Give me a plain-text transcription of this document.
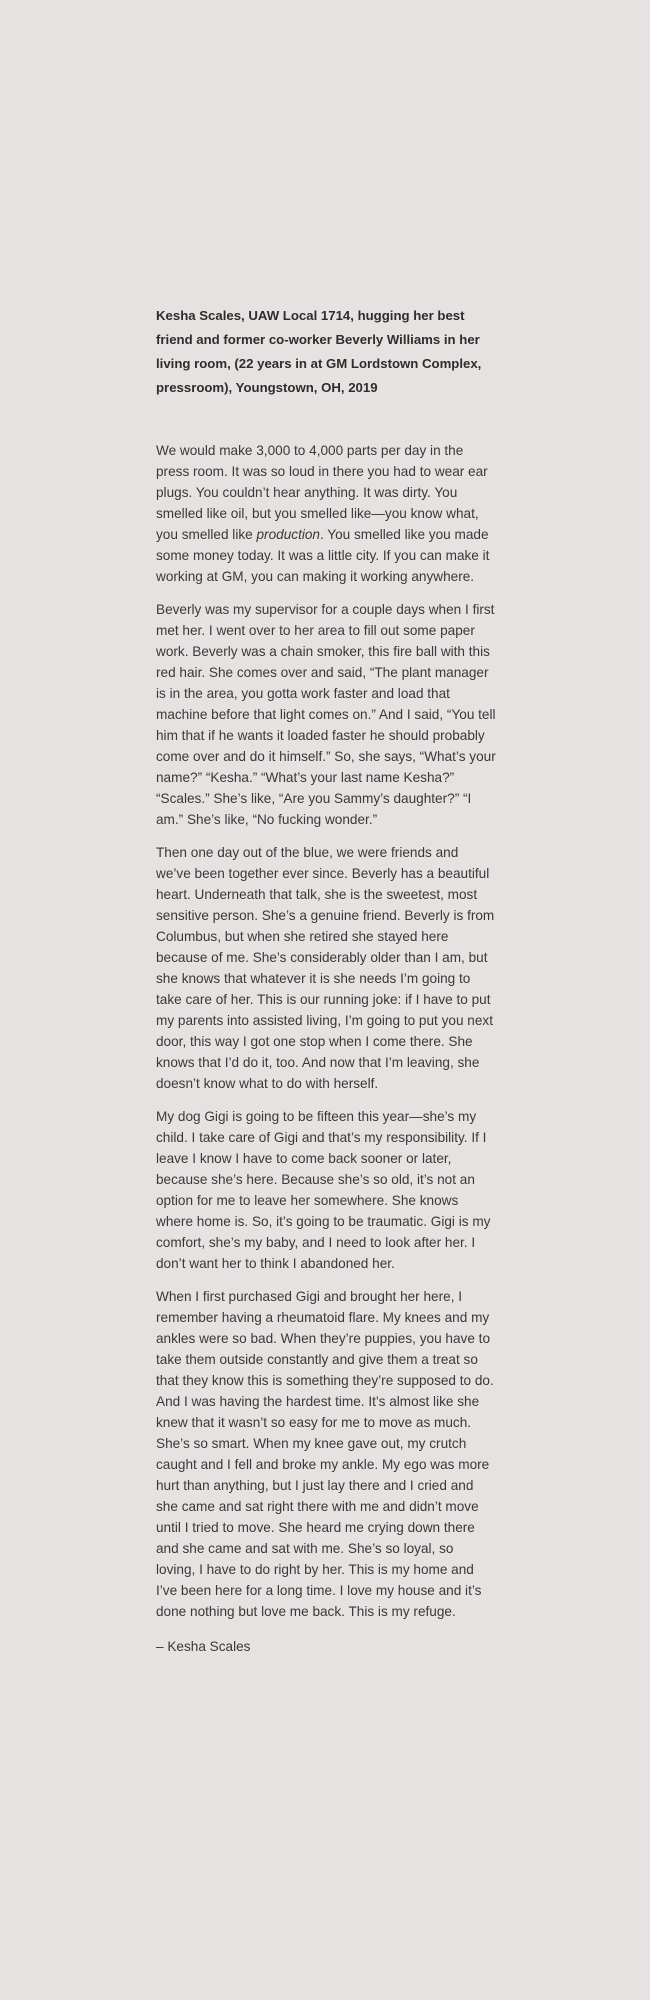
Kesha Scales, UAW Local 1714, hugging her best friend and former co-worker Beverly Williams in her living room, (22 years in at GM Lordstown Complex, pressroom), Youngstown, OH, 2019

We would make 3,000 to 4,000 parts per day in the press room. It was so loud in there you had to wear ear plugs. You couldn’t hear anything. It was dirty. You smelled like oil, but you smelled like—you know what, you smelled like production. You smelled like you made some money today. It was a little city. If you can make it working at GM, you can making it working anywhere.

Beverly was my supervisor for a couple days when I first met her. I went over to her area to fill out some paper work. Beverly was a chain smoker, this fire ball with this red hair. She comes over and said, “The plant manager is in the area, you gotta work faster and load that machine before that light comes on.” And I said, “You tell him that if he wants it loaded faster he should probably come over and do it himself.” So, she says, “What’s your name?” “Kesha.” “What’s your last name Kesha?” “Scales.” She’s like, “Are you Sammy’s daughter?” “I am.” She’s like, “No fucking wonder.”

Then one day out of the blue, we were friends and we’ve been together ever since. Beverly has a beautiful heart. Underneath that talk, she is the sweetest, most sensitive person. She’s a genuine friend. Beverly is from Columbus, but when she retired she stayed here because of me. She’s considerably older than I am, but she knows that whatever it is she needs I’m going to take care of her. This is our running joke: if I have to put my parents into assisted living, I’m going to put you next door, this way I got one stop when I come there. She knows that I’d do it, too. And now that I’m leaving, she doesn’t know what to do with herself.

My dog Gigi is going to be fifteen this year—she’s my child. I take care of Gigi and that’s my responsibility. If I leave I know I have to come back sooner or later, because she’s here. Because she’s so old, it’s not an option for me to leave her somewhere. She knows where home is. So, it’s going to be traumatic. Gigi is my comfort, she’s my baby, and I need to look after her. I don’t want her to think I abandoned her.

When I first purchased Gigi and brought her here, I remember having a rheumatoid flare. My knees and my ankles were so bad. When they’re puppies, you have to take them outside constantly and give them a treat so that they know this is something they’re supposed to do. And I was having the hardest time. It’s almost like she knew that it wasn’t so easy for me to move as much. She’s so smart. When my knee gave out, my crutch caught and I fell and broke my ankle. My ego was more hurt than anything, but I just lay there and I cried and she came and sat right there with me and didn’t move until I tried to move. She heard me crying down there and she came and sat with me. She’s so loyal, so loving, I have to do right by her. This is my home and I’ve been here for a long time. I love my house and it’s done nothing but love me back. This is my refuge.

– Kesha Scales
